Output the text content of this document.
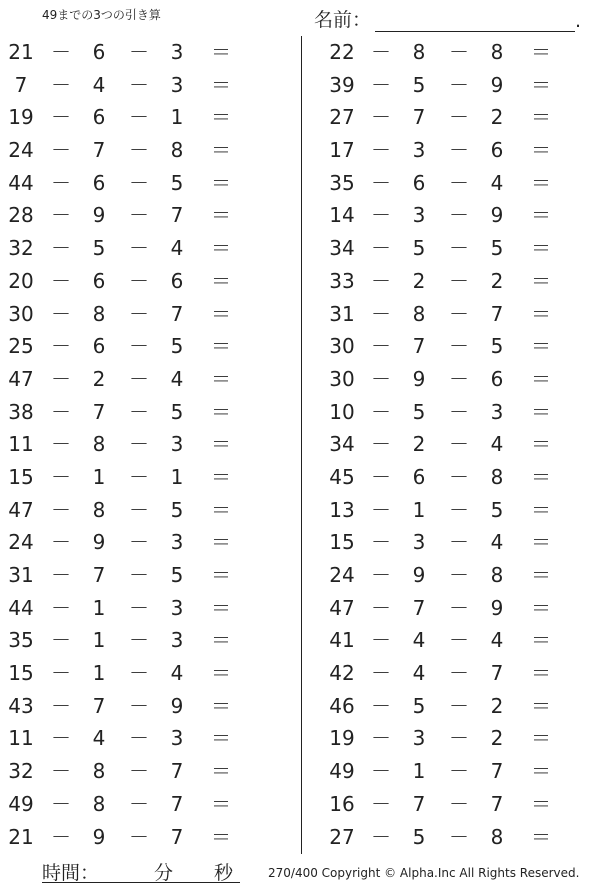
49までの3つの引き算	名前：	.
21 －	6	－	3	＝
7	－	4	－	3	＝
19 －	6	－	1	＝
24 －	7	－	8	＝
44 －	6	－	5	＝
28 －	9	－	7	＝
32 －	5	－	4	＝
20 －	6	－	6	＝
30 －	8	－	7	＝
25 －	6	－	5	＝
47 －	2	－	4	＝
38 －	7	－	5	＝
11 －	8	－	3	＝
15 －	1	－	1	＝
47 －	8	－	5	＝
24 －	9	－	3	＝
31 －	7	－	5	＝
44 －	1	－	3	＝
35 －	1	－	3	＝
15 －	1	－	4	＝
43 －	7	－	9	＝
11 －	4	－	3	＝
32 －	8	－	7	＝
49 －	8	－	7	＝
21 －	9	－	7	＝
22 －	8	－	8	＝
39 －	5	－	9	＝
27 －	7	－	2	＝
17 －	3	－	6	＝
35 －	6	－	4	＝
14 －	3	－	9	＝
34 －	5	－	5	＝
33 －	2	－	2	＝
31 －	8	－	7	＝
30 －	7	－	5	＝
30 －	9	－	6	＝
10 －	5	－	3	＝
34 －	2	－	4	＝
45 －	6	－	8	＝
13 －	1	－	5	＝
15 －	3	－	4	＝
24 －	9	－	8	＝
47 －	7	－	9	＝
41 －	4	－	4	＝
42 －	4	－	7	＝
46 －	5	－	2	＝
19 －	3	－	2	＝
49 －	1	－	7	＝
16 －	7	－	7	＝
27 －	5	－	8	＝
時間：	分 秒	270/400 Copyright © Alpha.Inc All Rights Reserved.
